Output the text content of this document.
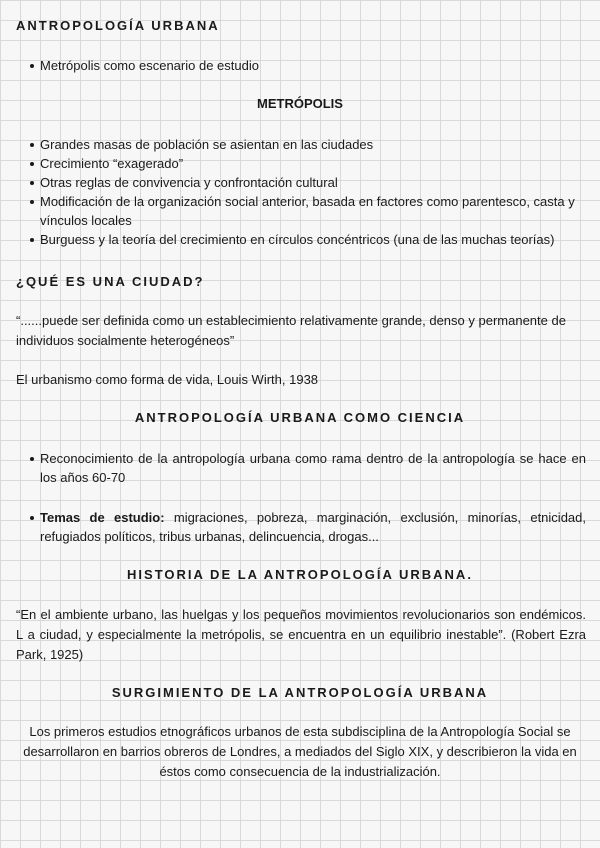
ANTROPOLOGÍA URBANA
Metrópolis como escenario de estudio
METRÓPOLIS
Grandes masas de población se asientan en las ciudades
Crecimiento “exagerado”
Otras reglas de convivencia y confrontación cultural
Modificación de la organización social anterior, basada en factores como parentesco, casta y vínculos locales
Burguess y la teoría del crecimiento en círculos concéntricos (una de las muchas teorías)
¿QUÉ ES UNA CIUDAD?

“......puede ser definida como un establecimiento relativamente grande, denso y permanente de individuos socialmente heterogéneos”

El urbanismo como forma de vida, Louis Wirth, 1938

ANTROPOLOGÍA URBANA COMO CIENCIA
Reconocimiento de la antropología urbana como rama dentro de la antropología se hace en los años 60-70
Temas de estudio: migraciones, pobreza, marginación, exclusión, minorías, etnicidad, refugiados políticos, tribus urbanas, delincuencia, drogas...
HISTORIA DE LA ANTROPOLOGÍA URBANA.

“En el ambiente urbano, las huelgas y los pequeños movimientos revolucionarios son endémicos. L a ciudad, y especialmente la metrópolis, se encuentra en un equilibrio inestable”. (Robert Ezra Park, 1925)

SURGIMIENTO DE LA ANTROPOLOGÍA URBANA

Los primeros estudios etnográficos urbanos de esta subdisciplina de la Antropología Social se desarrollaron en barrios obreros de Londres, a mediados del Siglo XIX, y describieron la vida en éstos como consecuencia de la industrialización.
